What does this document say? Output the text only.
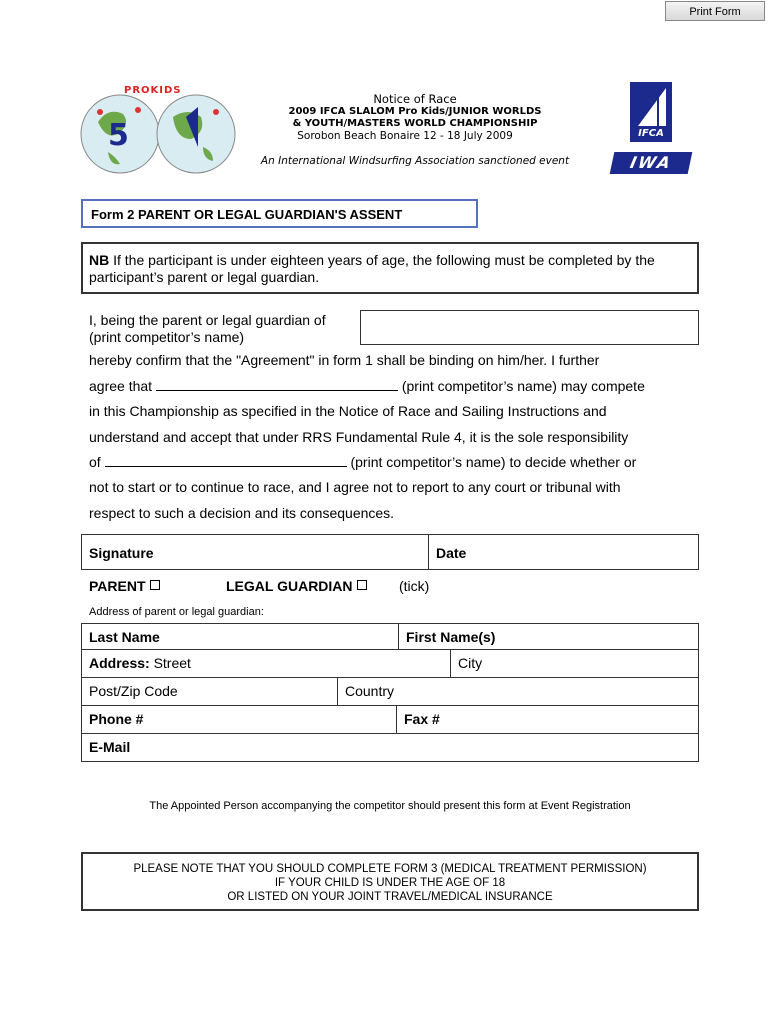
Print Form
5
PROKIDS
Notice of Race
2009 IFCA SLALOM Pro Kids/JUNIOR WORLDS
& YOUTH/MASTERS WORLD CHAMPIONSHIP
Sorobon Beach Bonaire 12 - 18 July 2009
An International Windsurfing Association sanctioned event
IFCA
IWA
Form 2 PARENT OR LEGAL GUARDIAN'S ASSENT
NB If the participant is under eighteen years of age, the following must be completed by the participant’s parent or legal guardian.
I, being the parent or legal guardian of
(print competitor’s name)
hereby confirm that the "Agreement" in form 1 shall be binding on him/her. I further
agree that	(print competitor’s name) may compete
in this Championship as specified in the Notice of Race and Sailing Instructions and
understand and accept that under RRS Fundamental Rule 4, it is the sole responsibility
of	(print competitor’s name) to decide whether or
not to start or to continue to race, and I agree not to report to any court or tribunal with
respect to such a decision and its consequences.
Signature	Date
PARENT	LEGAL GUARDIAN	(tick)
Address of parent or legal guardian:
Last Name	First Name(s)
Address: Street	City
Post/Zip Code	Country
Phone #	Fax #
E-Mail
The Appointed Person accompanying the competitor should present this form at Event Registration
PLEASE NOTE THAT YOU SHOULD COMPLETE FORM 3 (MEDICAL TREATMENT PERMISSION)
IF YOUR CHILD IS UNDER THE AGE OF 18
OR LISTED ON YOUR JOINT TRAVEL/MEDICAL INSURANCE
